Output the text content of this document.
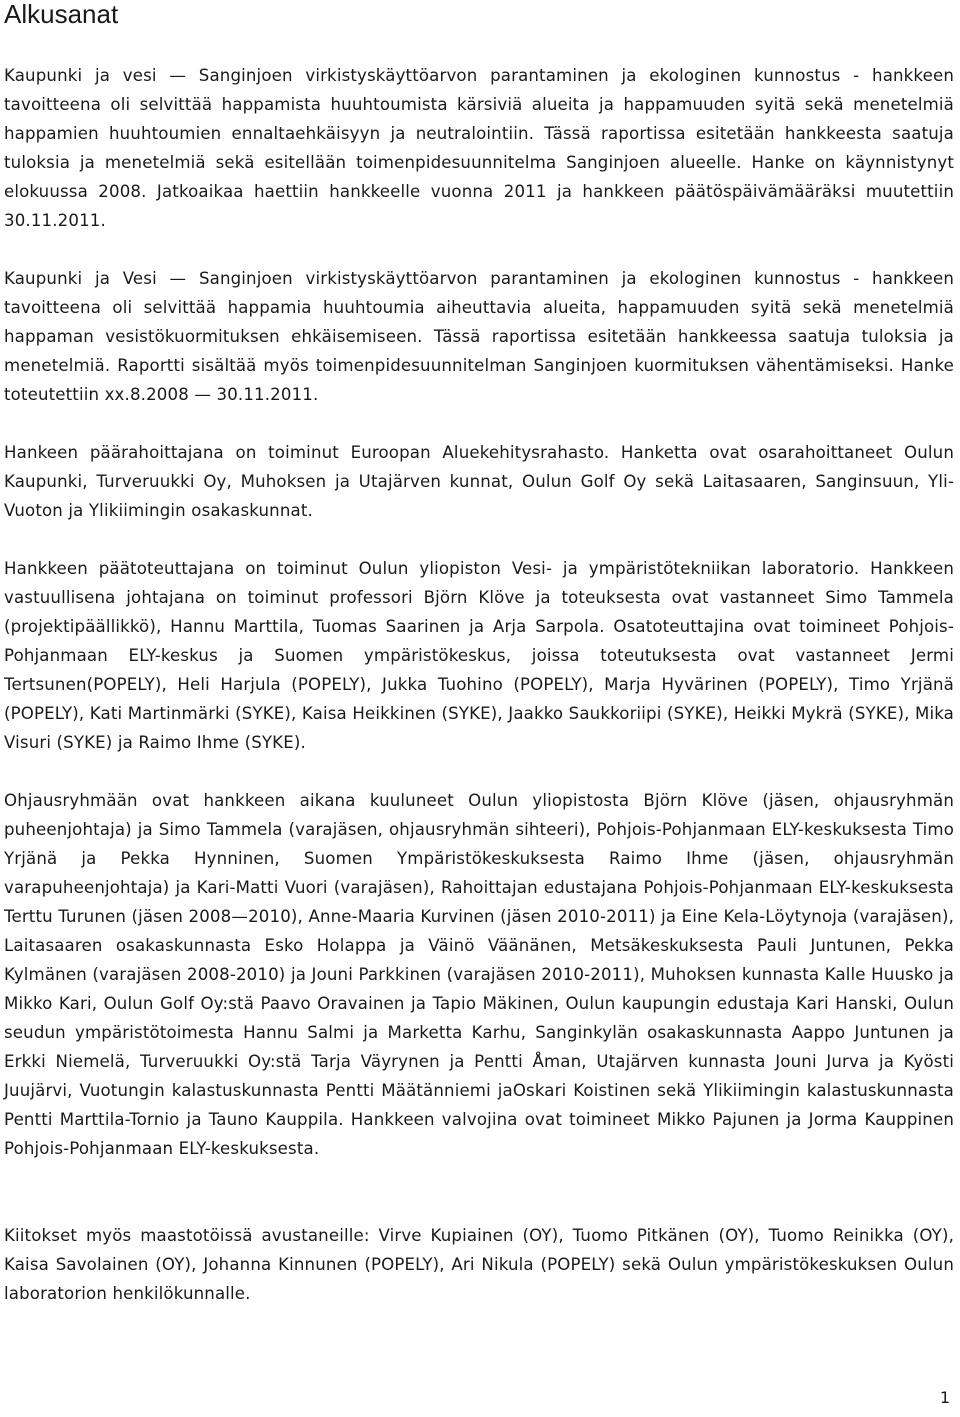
Alkusanat

Kaupunki ja vesi — Sanginjoen virkistyskäyttöarvon parantaminen ja ekologinen kunnostus - hankkeen tavoitteena oli selvittää happamista huuhtoumista kärsiviä alueita ja happamuuden syitä sekä menetelmiä happamien huuhtoumien ennaltaehkäisyyn ja neutralointiin. Tässä raportissa esitetään hankkeesta saatuja tuloksia ja menetelmiä sekä esitellään toimenpidesuunnitelma Sanginjoen alueelle. Hanke on käynnistynyt elokuussa 2008. Jatkoaikaa haettiin hankkeelle vuonna 2011 ja hankkeen päätöspäivämääräksi muutettiin 30.11.2011.

Kaupunki ja Vesi — Sanginjoen virkistyskäyttöarvon parantaminen ja ekologinen kunnostus - hankkeen tavoitteena oli selvittää happamia huuhtoumia aiheuttavia alueita, happamuuden syitä sekä menetelmiä happaman vesistökuormituksen ehkäisemiseen. Tässä raportissa esitetään hankkeessa saatuja tuloksia ja menetelmiä. Raportti sisältää myös toimenpidesuunnitelman Sanginjoen kuormituksen vähentämiseksi. Hanke toteutettiin xx.8.2008 — 30.11.2011.

Hankeen päärahoittajana on toiminut Euroopan Aluekehitysrahasto. Hanketta ovat osarahoittaneet Oulun Kaupunki, Turveruukki Oy, Muhoksen ja Utajärven kunnat, Oulun Golf Oy sekä Laitasaaren, Sanginsuun, Yli-Vuoton ja Ylikiimingin osakaskunnat.

Hankkeen päätoteuttajana on toiminut Oulun yliopiston Vesi- ja ympäristötekniikan laboratorio. Hankkeen vastuullisena johtajana on toiminut professori Björn Klöve ja toteuksesta ovat vastanneet Simo Tammela (projektipäällikkö), Hannu Marttila, Tuomas Saarinen ja Arja Sarpola. Osatoteuttajina ovat toimineet Pohjois-Pohjanmaan ELY-keskus ja Suomen ympäristökeskus, joissa toteutuksesta ovat vastanneet Jermi Tertsunen(POPELY), Heli Harjula (POPELY), Jukka Tuohino (POPELY), Marja Hyvärinen (POPELY), Timo Yrjänä (POPELY), Kati Martinmärki (SYKE), Kaisa Heikkinen (SYKE), Jaakko Saukkoriipi (SYKE), Heikki Mykrä (SYKE), Mika Visuri (SYKE) ja Raimo Ihme (SYKE).

Ohjausryhmään ovat hankkeen aikana kuuluneet Oulun yliopistosta Björn Klöve (jäsen, ohjausryhmän puheenjohtaja) ja Simo Tammela (varajäsen, ohjausryhmän sihteeri), Pohjois-Pohjanmaan ELY-keskuksesta Timo Yrjänä ja Pekka Hynninen, Suomen Ympäristökeskuksesta Raimo Ihme (jäsen, ohjausryhmän varapuheenjohtaja) ja Kari-Matti Vuori (varajäsen), Rahoittajan edustajana Pohjois-Pohjanmaan ELY-keskuksesta Terttu Turunen (jäsen 2008—2010), Anne-Maaria Kurvinen (jäsen 2010-2011) ja Eine Kela-Löytynoja (varajäsen), Laitasaaren osakaskunnasta Esko Holappa ja Väinö Väänänen, Metsäkeskuksesta Pauli Juntunen, Pekka Kylmänen (varajäsen 2008-2010) ja Jouni Parkkinen (varajäsen 2010-2011), Muhoksen kunnasta Kalle Huusko ja Mikko Kari, Oulun Golf Oy:stä Paavo Oravainen ja Tapio Mäkinen, Oulun kaupungin edustaja Kari Hanski, Oulun seudun ympäristötoimesta Hannu Salmi ja Marketta Karhu, Sanginkylän osakaskunnasta Aappo Juntunen ja Erkki Niemelä, Turveruukki Oy:stä Tarja Väyrynen ja Pentti Åman, Utajärven kunnasta Jouni Jurva ja Kyösti Juujärvi, Vuotungin kalastuskunnasta Pentti Määtänniemi jaOskari Koistinen sekä Ylikiimingin kalastuskunnasta Pentti Marttila-Tornio ja Tauno Kauppila. Hankkeen valvojina ovat toimineet Mikko Pajunen ja Jorma Kauppinen Pohjois-Pohjanmaan ELY-keskuksesta.

Kiitokset myös maastotöissä avustaneille: Virve Kupiainen (OY), Tuomo Pitkänen (OY), Tuomo Reinikka (OY), Kaisa Savolainen (OY), Johanna Kinnunen (POPELY), Ari Nikula (POPELY) sekä Oulun ympäristökeskuksen Oulun laboratorion henkilökunnalle.

1
